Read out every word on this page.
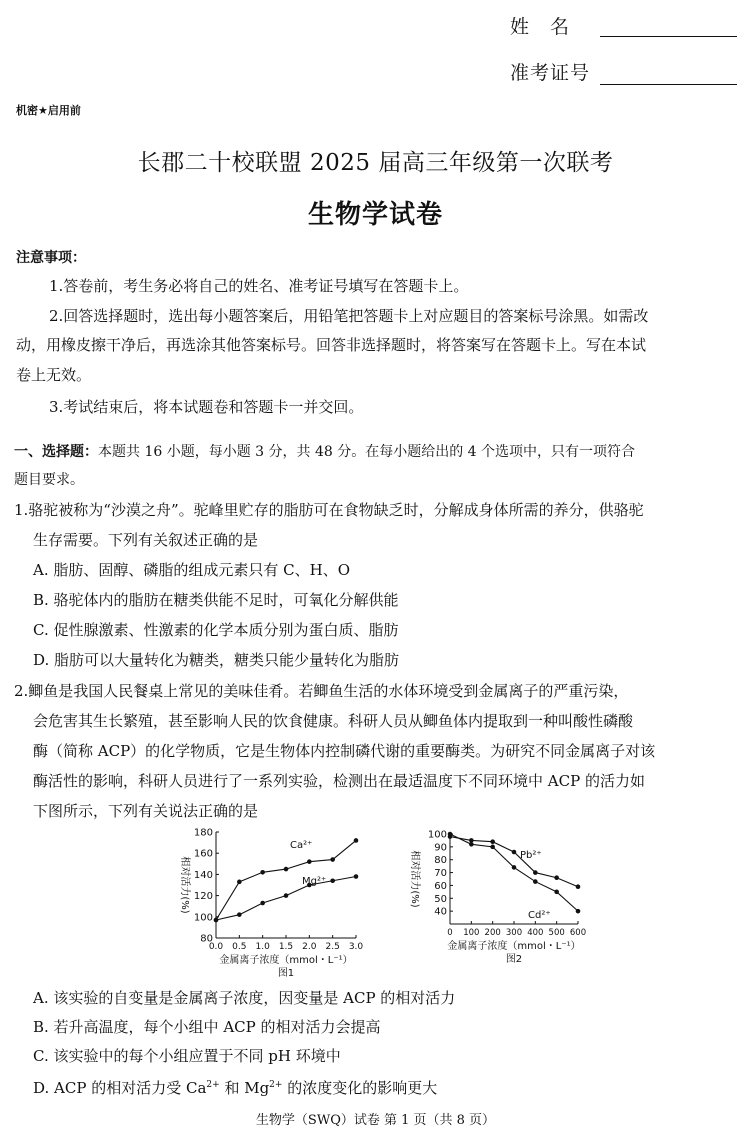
姓　名
准考证号
机密★启用前
长郡二十校联盟 2025 届高三年级第一次联考
生物学试卷
注意事项：
1.答卷前，考生务必将自己的姓名、准考证号填写在答题卡上。
2.回答选择题时，选出每小题答案后，用铅笔把答题卡上对应题目的答案标号涂黑。如需改
动，用橡皮擦干净后，再选涂其他答案标号。回答非选择题时，将答案写在答题卡上。写在本试
卷上无效。
3.考试结束后，将本试题卷和答题卡一并交回。
一、选择题：本题共 16 小题，每小题 3 分，共 48 分。在每小题给出的 4 个选项中，只有一项符合
题目要求。
1.骆驼被称为“沙漠之舟”。驼峰里贮存的脂肪可在食物缺乏时，分解成身体所需的养分，供骆驼
生存需要。下列有关叙述正确的是
A. 脂肪、固醇、磷脂的组成元素只有 C、H、O
B. 骆驼体内的脂肪在糖类供能不足时，可氧化分解供能
C. 促性腺激素、性激素的化学本质分别为蛋白质、脂肪
D. 脂肪可以大量转化为糖类，糖类只能少量转化为脂肪
2.鲫鱼是我国人民餐桌上常见的美味佳肴。若鲫鱼生活的水体环境受到金属离子的严重污染，
会危害其生长繁殖，甚至影响人民的饮食健康。科研人员从鲫鱼体内提取到一种叫酸性磷酸
酶（简称 ACP）的化学物质，它是生物体内控制磷代谢的重要酶类。为研究不同金属离子对该
酶活性的影响，科研人员进行了一系列实验，检测出在最适温度下不同环境中 ACP 的活力如
下图所示，下列有关说法正确的是
80
100
120
140
160
180
0.0 0.5 1.0 1.5 2.0 2.5 3.0
相对活力(%)
金属离子浓度（mmol・L⁻¹）
图1
Ca²⁺
Mg²⁺
40
50
60
70
80
90
100
0 100 200 300 400 500 600
相对活力(%)
金属离子浓度（mmol・L⁻¹）
图2
Pb²⁺
Cd²⁺
A. 该实验的自变量是金属离子浓度，因变量是 ACP 的相对活力
B. 若升高温度，每个小组中 ACP 的相对活力会提高
C. 该实验中的每个小组应置于不同 pH 环境中
D. ACP 的相对活力受 $Ca^{2+}$ 和 $Mg^{2+}$ 的浓度变化的影响更大
生物学（SWQ）试卷 第 1 页（共 8 页）
